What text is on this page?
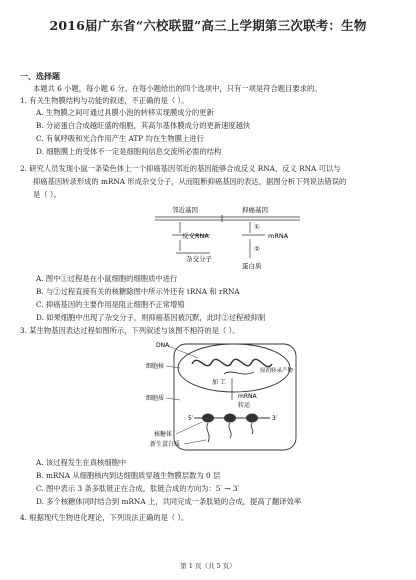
2016届广东省“六校联盟”高三上学期第三次联考：生物
一、选择题
本题共 6 小题，每小题 6 分。在每小题给出的四个选项中，只有一项是符合题目要求的。
1. 有关生物膜结构与功能的叙述，不正确的是（ ）。
A. 生物膜之间可通过具膜小泡的转移实现膜成分的更新
B. 分泌蛋白合成越旺盛的细胞，其高尔基体膜成分的更新速度越快
C. 有氧呼吸和光合作用产生 ATP 均在生物膜上进行
D. 细胞膜上的受体不一定是细胞间信息交流所必需的结构
2. 研究人员发现小鼠一条染色体上一个抑癌基因邻近的基因能够合成反义 RNA，反义 RNA 可以与
抑癌基因转录形成的 mRNA 形成杂交分子，从而阻断抑癌基因的表达，据图分析下列说法错误的
是（ ）。
邻近基因	抑癌基因
①
反义RNA	mRNA
②
杂交分子
蛋白质
A. 图中①过程是在小鼠细胞的细胞质中进行
B. 与②过程直接有关的核糖除图中所示外还有 tRNA 和 rRNA
C. 抑癌基因的主要作用是阻止细胞不正常增殖
D. 如果细胞中出现了杂交分子，则抑癌基因被沉默，此时②过程被抑制
3. 某生物基因表达过程如图所示，下列叙述与该图不相符的是（ ）。
DNA
细胞核
原初转录产物
加 工
mRNA
转运
细胞质
5′	3′
核糖体
新生蛋白质
A. 该过程发生在真核细胞中
B. mRNA 从细胞核内到达细胞质穿越生物膜层数为 0 层
C. 图中表示 3 条多肽链正在合成，肽链合成的方向为：5′ → 3′
D. 多个核糖体同时结合到 mRNA 上，共同完成一条肽链的合成，提高了翻译效率
4. 根据现代生物进化理论，下列说法正确的是（ ）。
第 1 页（共 5 页）
